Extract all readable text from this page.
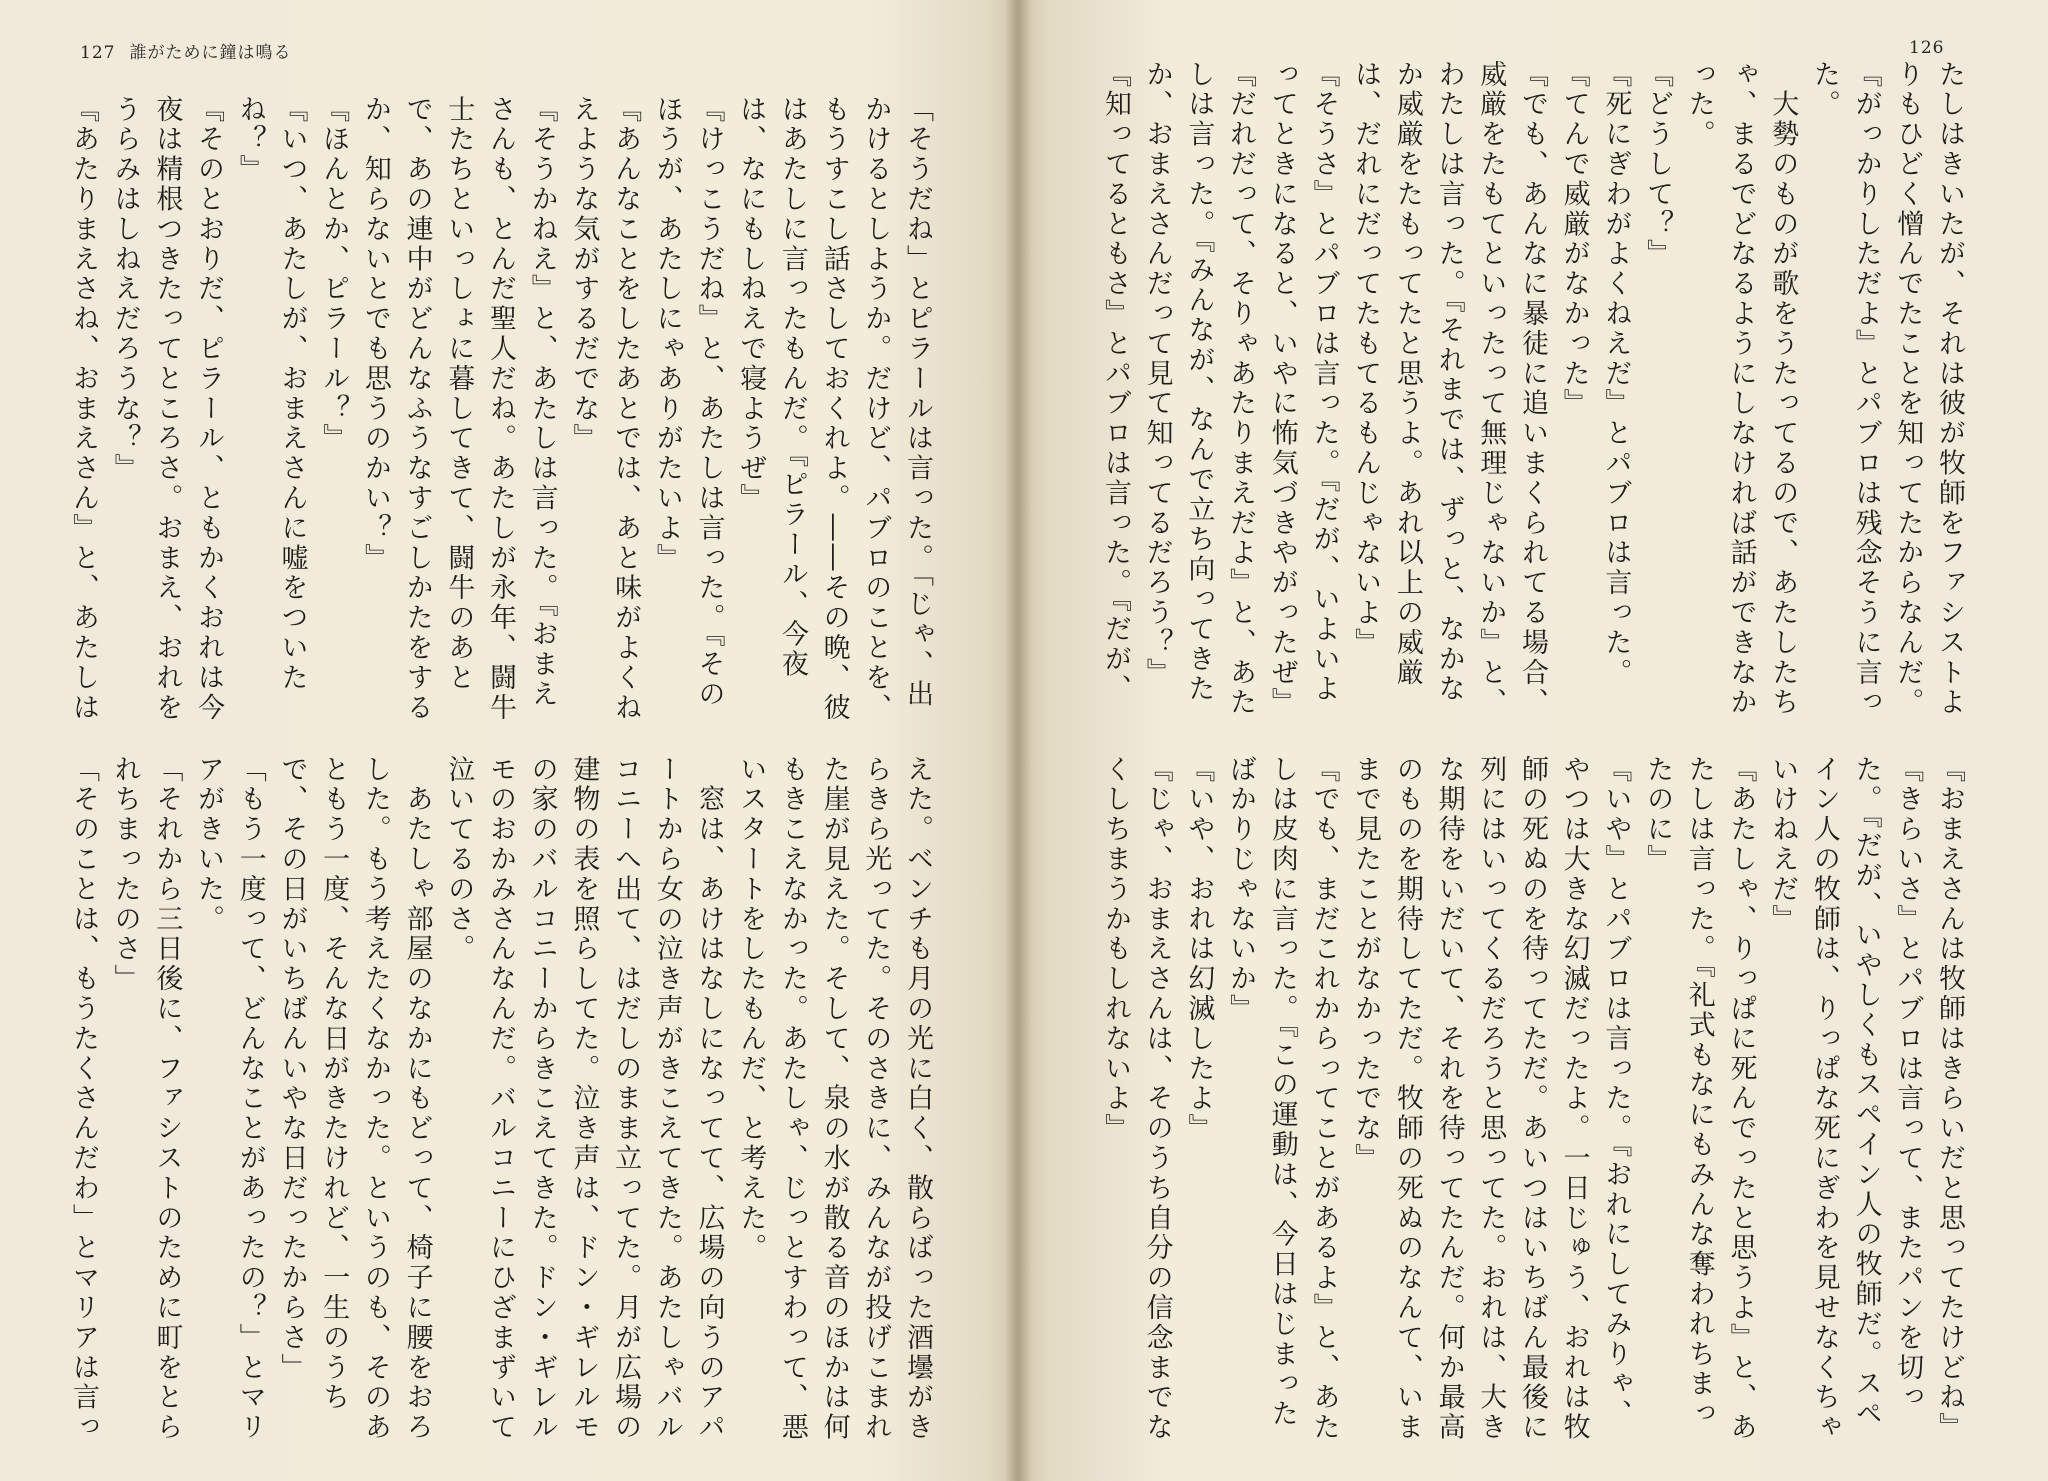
127 誰がために鐘は鳴る
「そうだね」とピラールは言った。「じゃ、出かけるとしようか。だけど、パブロのことを、もうすこし話さしておくれよ。――その晩、彼はあたしに言ったもんだ。『ピラール、今夜は、なにもしねえで寝ようぜ』
『けっこうだね』と、あたしは言った。『そのほうが、あたしにゃありがたいよ』
『あんなことをしたあとでは、あと味がよくねえような気がするだでな』
『そうかねえ』と、あたしは言った。『おまえさんも、とんだ聖人だね。あたしが永年、闘牛士たちといっしょに暮してきて、闘牛のあとで、あの連中がどんなふうなすごしかたをするか、知らないとでも思うのかい？』
『ほんとか、ピラール？』
『いつ、あたしが、おまえさんに嘘をついたね？』
『そのとおりだ、ピラール、ともかくおれは今夜は精根つきたってところさ。おまえ、おれをうらみはしねえだろうな？』
『あたりまえさね、おまえさん』と、あたしは

えた。ベンチも月の光に白く、散らばった酒壜がきらきら光ってた。そのさきに、みんなが投げこまれた崖が見えた。そして、泉の水が散る音のほかは何もきこえなかった。あたしゃ、じっとすわって、悪いスタートをしたもんだ、と考えた。
　窓は、あけはなしになってて、広場の向うのアパートから女の泣き声がきこえてきた。あたしゃバルコニーへ出て、はだしのまま立ってた。月が広場の建物の表を照らしてた。泣き声は、ドン・ギレルモの家のバルコニーからきこえてきた。ドン・ギレルモのおかみさんなんだ。バルコニーにひざまずいて泣いてるのさ。
　あたしゃ部屋のなかにもどって、椅子に腰をおろした。もう考えたくなかった。というのも、そのあともう一度、そんな日がきたけれど、一生のうちで、その日がいちばんいやな日だったからさ」
「もう一度って、どんなことがあったの？」とマリアがきいた。
「それから三日後に、ファシストのために町をとられちまったのさ」
「そのことは、もうたくさんだわ」とマリアは言っ

たしはきいたが、それは彼が牧師をファシストよりもひどく憎んでたことを知ってたからなんだ。
『がっかりしただよ』とパブロは残念そうに言った。
　大勢のものが歌をうたってるので、あたしたちゃ、まるでどなるようにしなければ話ができなかった。
『どうして？』
『死にぎわがよくねえだ』とパブロは言った。『てんで威厳がなかった』
『でも、あんなに暴徒に追いまくられてる場合、威厳をたもてといったって無理じゃないか』と、わたしは言った。『それまでは、ずっと、なかなか威厳をたもってたと思うよ。あれ以上の威厳は、だれにだってたもてるもんじゃないよ』
『そうさ』とパブロは言った。『だが、いよいよってときになると、いやに怖気づきやがったぜ』
『だれだって、そりゃあたりまえだよ』と、あたしは言った。『みんなが、なんで立ち向ってきたか、おまえさんだって見て知ってるだろう？』
『知ってるともさ』とパブロは言った。『だが、

『おまえさんは牧師はきらいだと思ってたけどね』
『きらいさ』とパブロは言って、またパンを切った。『だが、いやしくもスペイン人の牧師だ。スペイン人の牧師は、りっぱな死にぎわを見せなくちゃいけねえだ』
『あたしゃ、りっぱに死んでったと思うよ』と、あたしは言った。『礼式もなにもみんな奪われちまったのに』
『いや』とパブロは言った。『おれにしてみりゃ、やつは大きな幻滅だったよ。一日じゅう、おれは牧師の死ぬのを待ってただ。あいつはいちばん最後に列にはいってくるだろうと思ってた。おれは、大きな期待をいだいて、それを待ってたんだ。何か最高のものを期待してただ。牧師の死ぬのなんて、いままで見たことがなかったでな』
『でも、まだこれからってことがあるよ』と、あたしは皮肉に言った。『この運動は、今日はじまったばかりじゃないか』
『いや、おれは幻滅したよ』
『じゃ、おまえさんは、そのうち自分の信念までなくしちまうかもしれないよ』

126
